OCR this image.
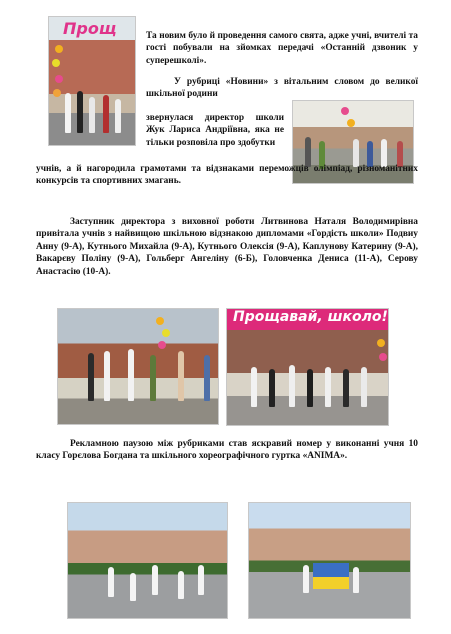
Прощ	Та новим було й проведення самого свята, адже учні, вчителі та гості побували на зйомках передачі «Останній дзвоник у суперешколі».
У рубриці «Новини» з вітальним словом до великої шкільної родини
звернулася директор школи Жук Лариса Андріївна, яка не тільки розповіла про здобутки
учнів, а й нагородила грамотами та відзнаками переможців олімпіад, різноманітних конкурсів та спортивних змагань.
Заступник директора з виховної роботи Литвинова Наталя Володимирівна привітала учнів з найвищою шкільною відзнакою дипломами «Гордість школи» Подвиу Анну (9-А), Кутнього Михайла (9-А), Кутнього Олексія (9-А), Каплунову Катерину (9-А), Вакарєву Поліну (9-А), Гольберг Ангеліну (6-Б), Головченка Дениса (11-А), Серову Анастасію (10-А).
Прощавай, школо!
Рекламною паузою між рубриками став яскравий номер у виконанні учня 10 класу Горєлова Богдана та шкільного хореографічного гуртка «ANIMA».
